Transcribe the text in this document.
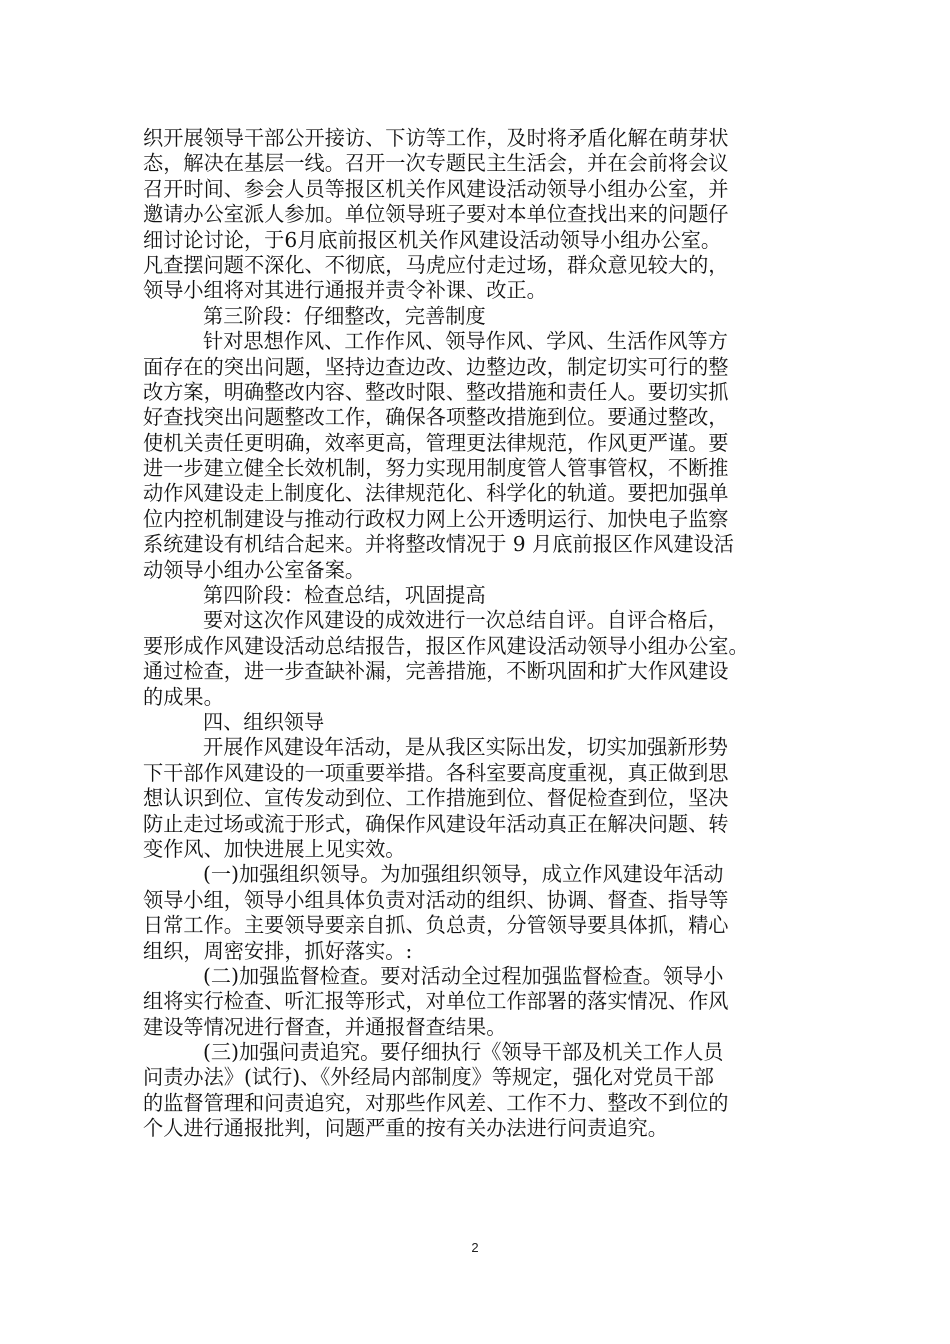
织开展领导干部公开接访、下访等工作，及时将矛盾化解在萌芽状
态，解决在基层一线。召开一次专题民主生活会，并在会前将会议
召开时间、参会人员等报区机关作风建设活动领导小组办公室，并
邀请办公室派人参加。单位领导班子要对本单位查找出来的问题仔
细讨论讨论，于6月底前报区机关作风建设活动领导小组办公室。
凡查摆问题不深化、不彻底，马虎应付走过场，群众意见较大的，
领导小组将对其进行通报并责令补课、改正。
第三阶段：仔细整改，完善制度
针对思想作风、工作作风、领导作风、学风、生活作风等方
面存在的突出问题，坚持边查边改、边整边改，制定切实可行的整
改方案，明确整改内容、整改时限、整改措施和责任人。要切实抓
好查找突出问题整改工作，确保各项整改措施到位。要通过整改，
使机关责任更明确，效率更高，管理更法律规范，作风更严谨。要
进一步建立健全长效机制，努力实现用制度管人管事管权，不断推
动作风建设走上制度化、法律规范化、科学化的轨道。要把加强单
位内控机制建设与推动行政权力网上公开透明运行、加快电子监察
系统建设有机结合起来。并将整改情况于 9 月底前报区作风建设活
动领导小组办公室备案。
第四阶段：检查总结，巩固提高
要对这次作风建设的成效进行一次总结自评。自评合格后，
要形成作风建设活动总结报告，报区作风建设活动领导小组办公室。
通过检查，进一步查缺补漏，完善措施，不断巩固和扩大作风建设
的成果。
四、组织领导
开展作风建设年活动，是从我区实际出发，切实加强新形势
下干部作风建设的一项重要举措。各科室要高度重视，真正做到思
想认识到位、宣传发动到位、工作措施到位、督促检查到位，坚决
防止走过场或流于形式，确保作风建设年活动真正在解决问题、转
变作风、加快进展上见实效。
(一)加强组织领导。为加强组织领导，成立作风建设年活动
领导小组，领导小组具体负责对活动的组织、协调、督查、指导等
日常工作。主要领导要亲自抓、负总责，分管领导要具体抓，精心
组织，周密安排，抓好落实。:
(二)加强监督检查。要对活动全过程加强监督检查。领导小
组将实行检查、听汇报等形式，对单位工作部署的落实情况、作风
建设等情况进行督查，并通报督查结果。
(三)加强问责追究。要仔细执行《领导干部及机关工作人员
问责办法》(试行)、《外经局内部制度》等规定，强化对党员干部
的监督管理和问责追究，对那些作风差、工作不力、整改不到位的
个人进行通报批判，问题严重的按有关办法进行问责追究。
2
